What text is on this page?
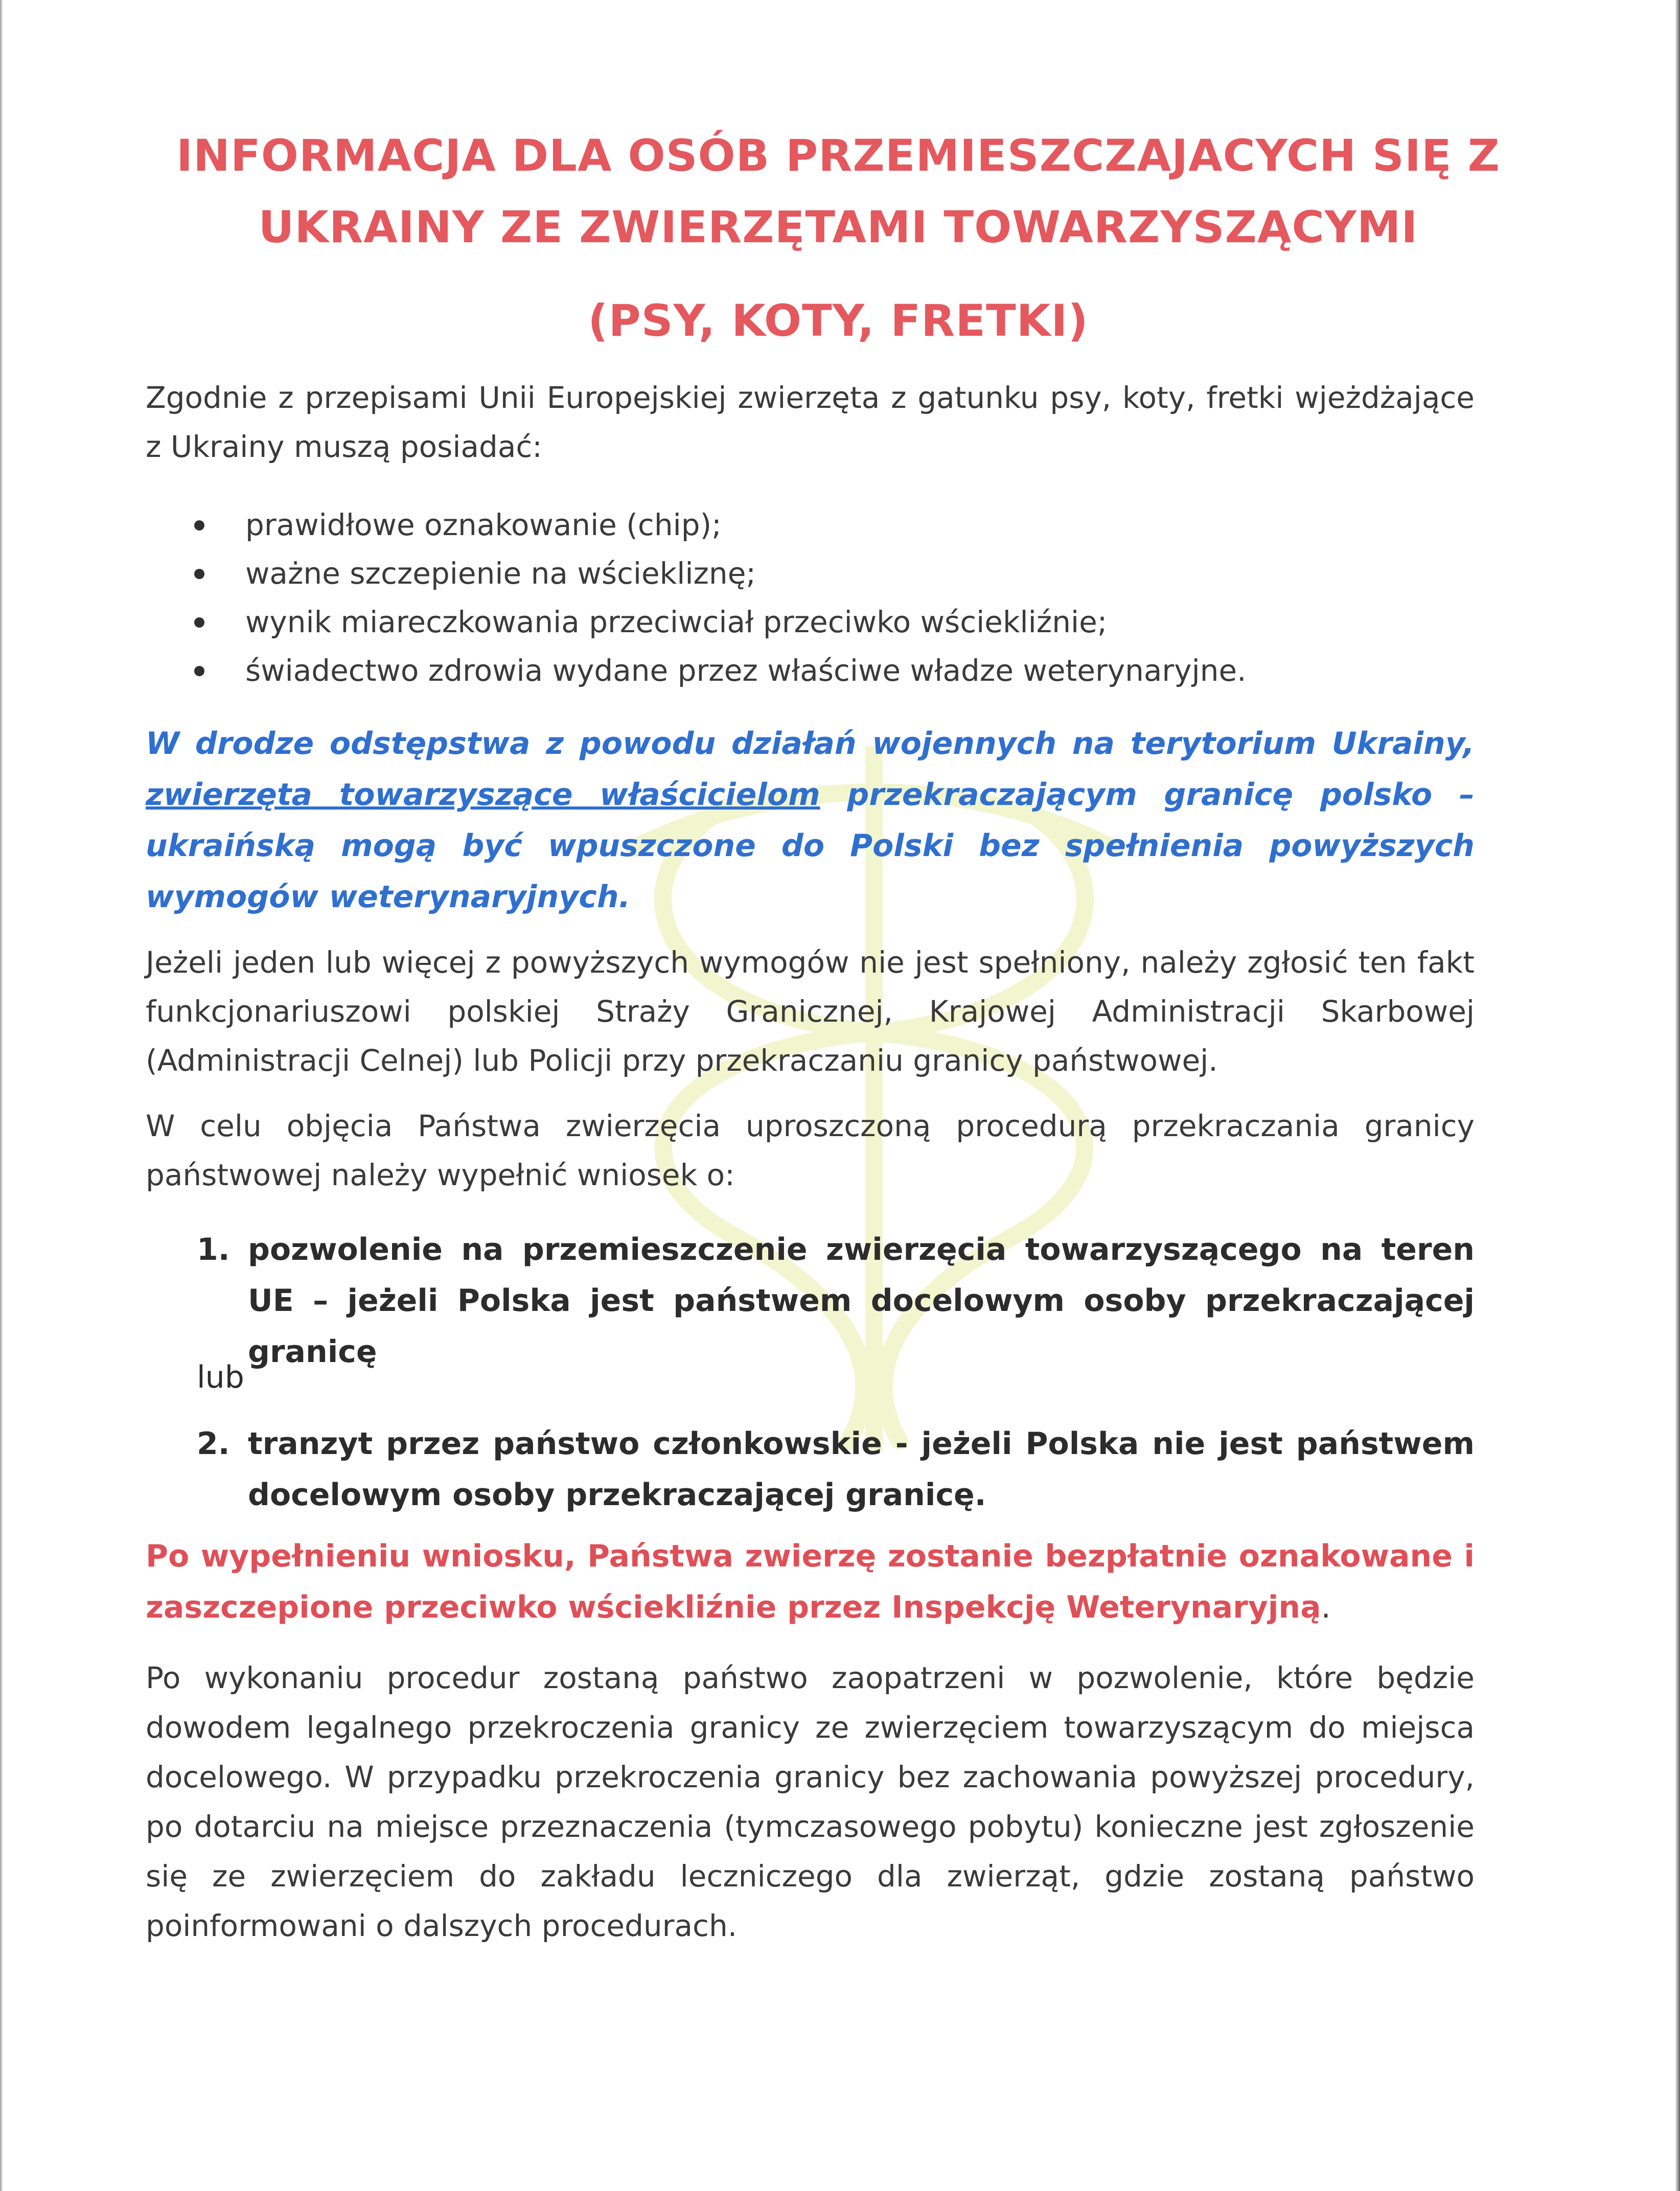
INFORMACJA DLA OSÓB PRZEMIESZCZAJACYCH SIĘ Z
UKRAINY ZE ZWIERZĘTAMI TOWARZYSZĄCYMI
(PSY, KOTY, FRETKI)

Zgodnie z przepisami Unii Europejskiej zwierzęta z gatunku psy, koty, fretki wjeżdżające z Ukrainy muszą posiadać:

prawidłowe oznakowanie (chip);
ważne szczepienie na wściekliznę;
wynik miareczkowania przeciwciał przeciwko wściekliźnie;
świadectwo zdrowia wydane przez właściwe władze weterynaryjne.

W drodze odstępstwa z powodu działań wojennych na terytorium Ukrainy, zwierzęta towarzyszące właścicielom przekraczającym granicę polsko – ukraińską mogą być wpuszczone do Polski bez spełnienia powyższych wymogów weterynaryjnych.

Jeżeli jeden lub więcej z powyższych wymogów nie jest spełniony, należy zgłosić ten fakt funkcjonariuszowi polskiej Straży Granicznej, Krajowej Administracji Skarbowej (Administracji Celnej) lub Policji przy przekraczaniu granicy państwowej.

W celu objęcia Państwa zwierzęcia uproszczoną procedurą przekraczania granicy państwowej należy wypełnić wniosek o:

1. pozwolenie na przemieszczenie zwierzęcia towarzyszącego na teren UE – jeżeli Polska jest państwem docelowym osoby przekraczającej granicę

lub

2. tranzyt przez państwo członkowskie - jeżeli Polska nie jest państwem docelowym osoby przekraczającej granicę.

Po wypełnieniu wniosku, Państwa zwierzę zostanie bezpłatnie oznakowane i zaszczepione przeciwko wściekliźnie przez Inspekcję Weterynaryjną.

Po wykonaniu procedur zostaną państwo zaopatrzeni w pozwolenie, które będzie dowodem legalnego przekroczenia granicy ze zwierzęciem towarzyszącym do miejsca docelowego. W przypadku przekroczenia granicy bez zachowania powyższej procedury, po dotarciu na miejsce przeznaczenia (tymczasowego pobytu) konieczne jest zgłoszenie się ze zwierzęciem do zakładu leczniczego dla zwierząt, gdzie zostaną państwo poinformowani o dalszych procedurach.
